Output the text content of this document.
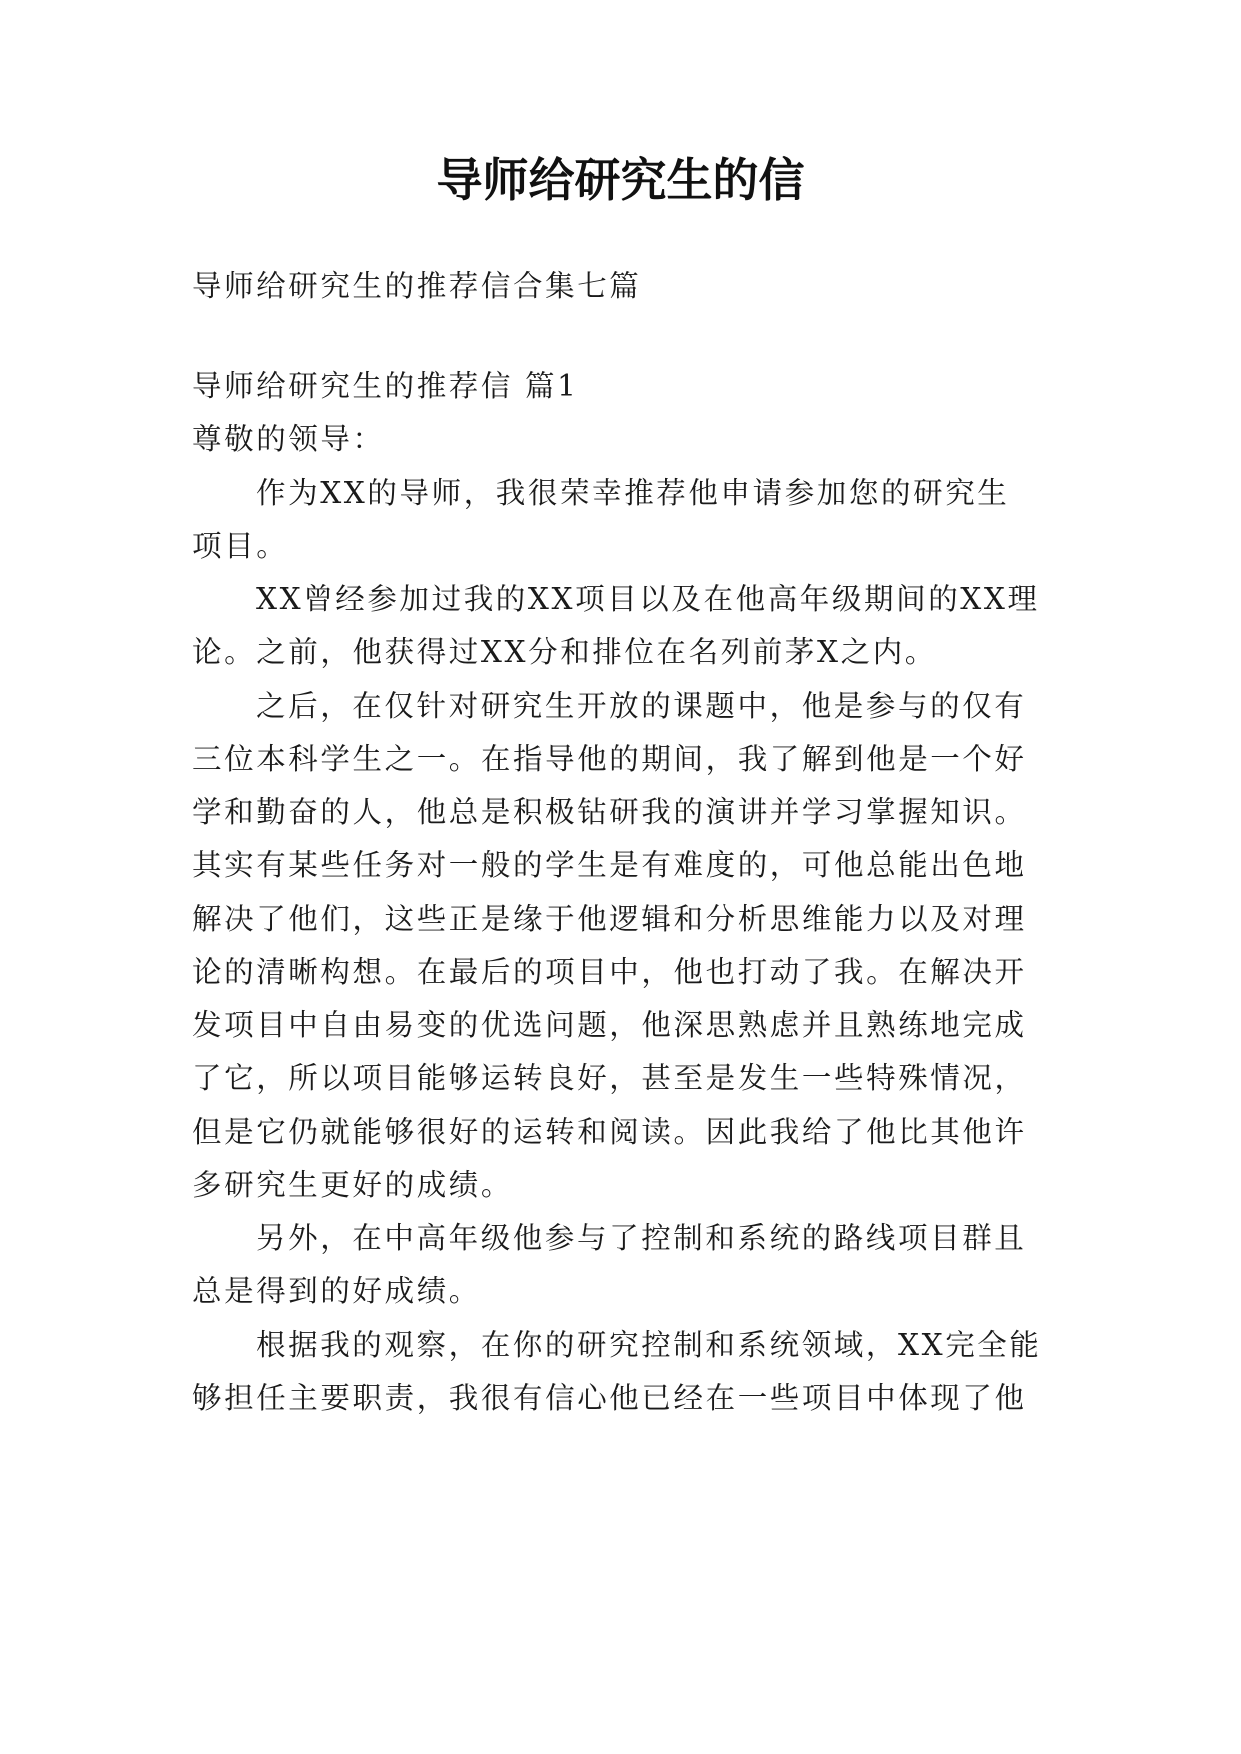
导师给研究生的信
导师给研究生的推荐信合集七篇
导师给研究生的推荐信 篇1
尊敬的领导：
作为XX的导师，我很荣幸推荐他申请参加您的研究生
项目。
XX曾经参加过我的XX项目以及在他高年级期间的XX理
论。之前，他获得过XX分和排位在名列前茅X之内。
之后，在仅针对研究生开放的课题中，他是参与的仅有
三位本科学生之一。在指导他的期间，我了解到他是一个好
学和勤奋的人，他总是积极钻研我的演讲并学习掌握知识。
其实有某些任务对一般的学生是有难度的，可他总能出色地
解决了他们，这些正是缘于他逻辑和分析思维能力以及对理
论的清晰构想。在最后的项目中，他也打动了我。在解决开
发项目中自由易变的优选问题，他深思熟虑并且熟练地完成
了它，所以项目能够运转良好，甚至是发生一些特殊情况，
但是它仍就能够很好的运转和阅读。因此我给了他比其他许
多研究生更好的成绩。
另外，在中高年级他参与了控制和系统的路线项目群且
总是得到的好成绩。
根据我的观察，在你的研究控制和系统领域，XX完全能
够担任主要职责，我很有信心他已经在一些项目中体现了他
